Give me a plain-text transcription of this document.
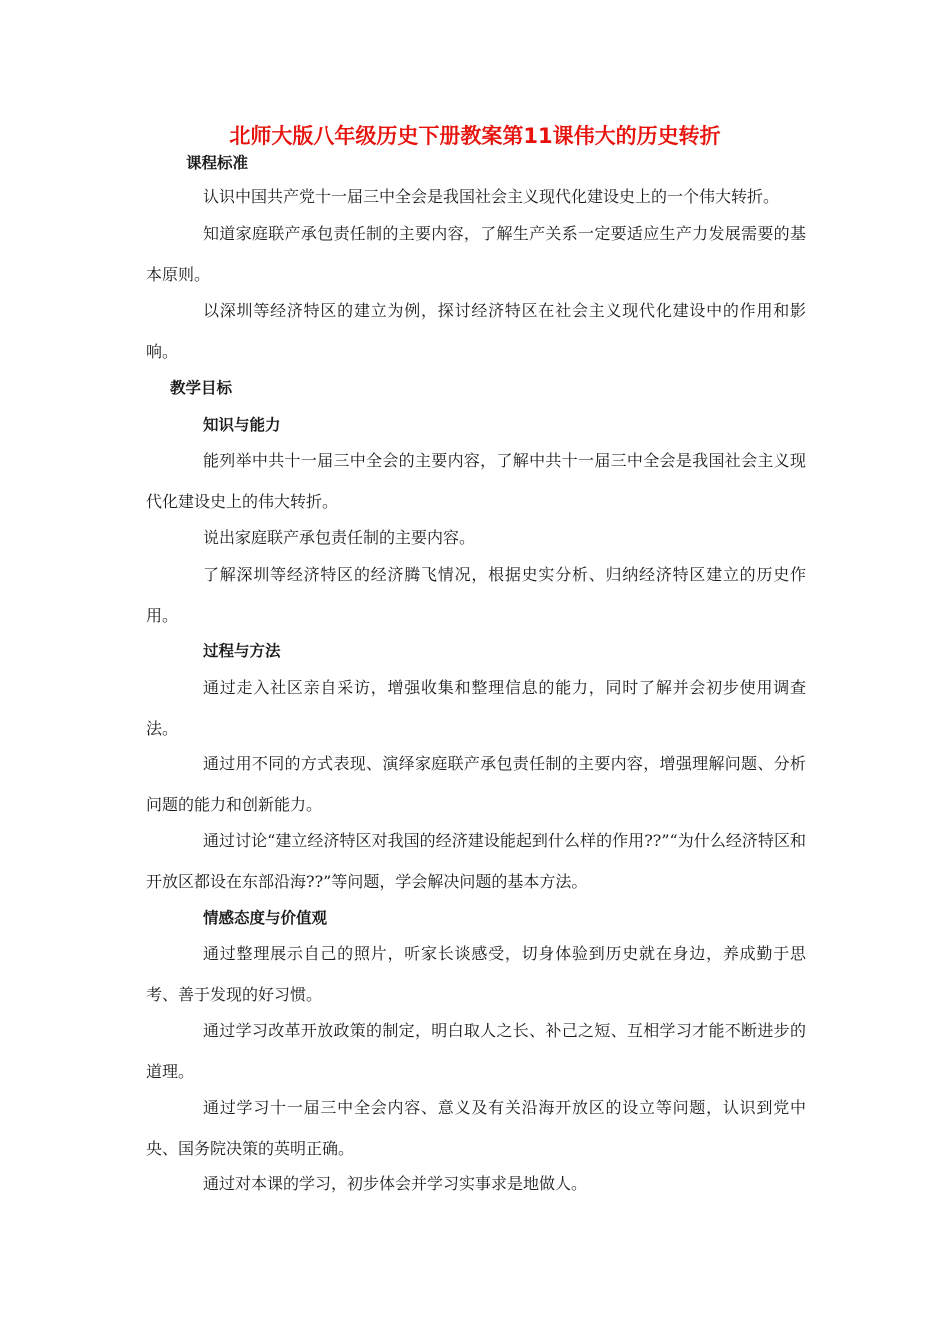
北师大版八年级历史下册教案第11课伟大的历史转折
课程标准

认识中国共产党十一届三中全会是我国社会主义现代化建设史上的一个伟大转折。

知道家庭联产承包责任制的主要内容，了解生产关系一定要适应生产力发展需要的基本原则。

以深圳等经济特区的建立为例，探讨经济特区在社会主义现代化建设中的作用和影响。

教学目标
知识与能力

能列举中共十一届三中全会的主要内容，了解中共十一届三中全会是我国社会主义现代化建设史上的伟大转折。

说出家庭联产承包责任制的主要内容。

了解深圳等经济特区的经济腾飞情况，根据史实分析、归纳经济特区建立的历史作用。

过程与方法

通过走入社区亲自采访，增强收集和整理信息的能力，同时了解并会初步使用调查法。

通过用不同的方式表现、演绎家庭联产承包责任制的主要内容，增强理解问题、分析问题的能力和创新能力。

通过讨论“建立经济特区对我国的经济建设能起到什么样的作用??”“为什么经济特区和开放区都设在东部沿海??”等问题，学会解决问题的基本方法。

情感态度与价值观

通过整理展示自己的照片，听家长谈感受，切身体验到历史就在身边，养成勤于思考、善于发现的好习惯。

通过学习改革开放政策的制定，明白取人之长、补己之短、互相学习才能不断进步的道理。

通过学习十一届三中全会内容、意义及有关沿海开放区的设立等问题，认识到党中央、国务院决策的英明正确。

通过对本课的学习，初步体会并学习实事求是地做人。
